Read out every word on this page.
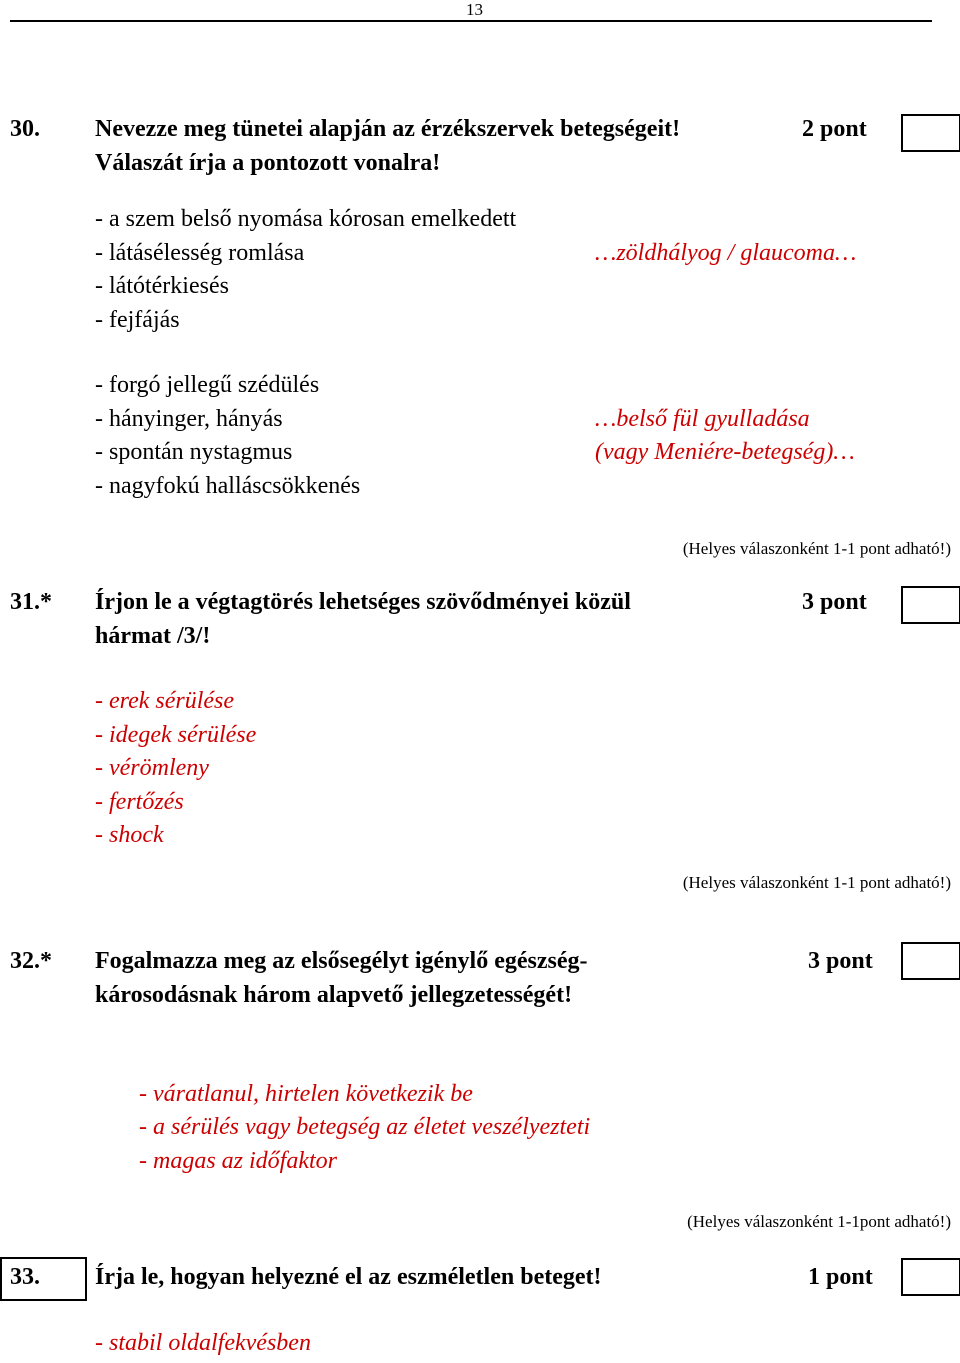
13
30. Nevezze meg tünetei alapján az érzékszervek betegségeit!	2 pont
Válaszát írja a pontozott vonalra!
- a szem belső nyomása kórosan emelkedett
- látásélesség romlása
- látótérkiesés
- fejfájás
…zöldhályog / glaucoma…
- forgó jellegű szédülés
- hányinger, hányás
- spontán nystagmus
- nagyfokú halláscsökkenés
…belső fül gyulladása
(vagy Meniére-betegség)…
(Helyes válaszonként 1-1 pont adható!)
31.* Írjon le a végtagtörés lehetséges szövődményei közül	3 pont
hármat /3/!
- erek sérülése
- idegek sérülése
- vérömleny
- fertőzés
- shock
(Helyes válaszonként 1-1 pont adható!)
32.* Fogalmazza meg az elsősegélyt igénylő egészség-	3 pont
károsodásnak három alapvető jellegzetességét!
- váratlanul, hirtelen következik be
- a sérülés vagy betegség az életet veszélyezteti
- magas az időfaktor
(Helyes válaszonként 1-1pont adható!)
33. Írja le, hogyan helyezné el az eszméletlen beteget!	1 pont
- stabil oldalfekvésben
